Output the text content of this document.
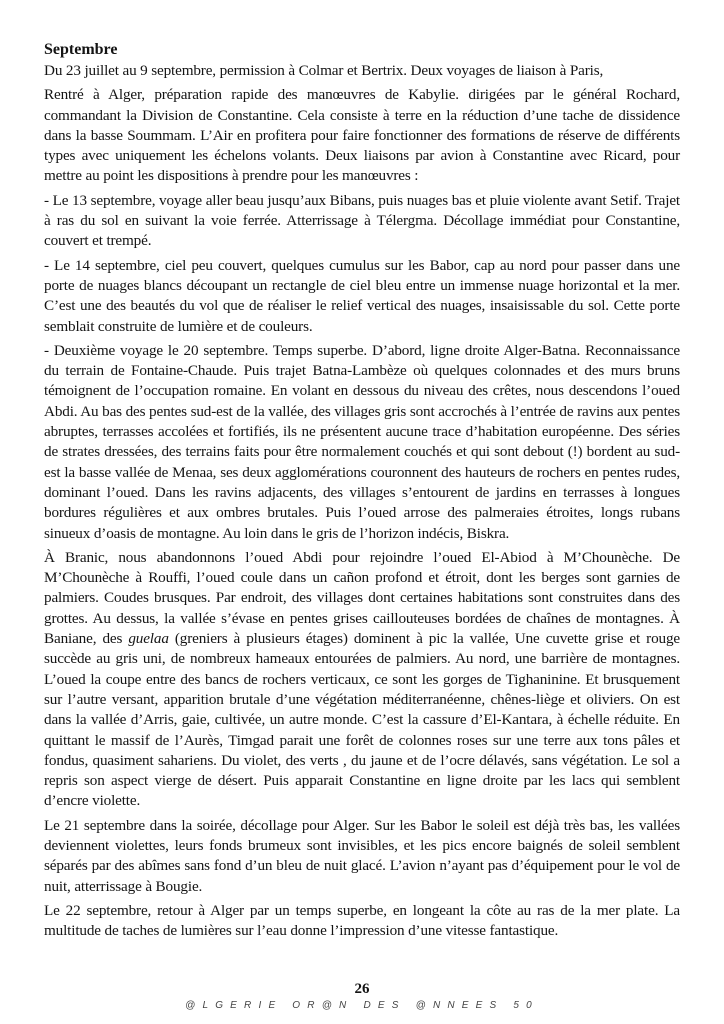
Septembre

Du 23 juillet au 9 septembre, permission à Colmar et Bertrix. Deux voyages de liaison à Paris,

Rentré à Alger, préparation rapide des manœuvres de Kabylie. dirigées par le général Rochard, commandant la Division de Constantine. Cela consiste à terre en la réduction d’une tache de dissidence dans la basse Soummam. L’Air en profitera pour faire fonctionner des formations de réserve de différents types avec uniquement les échelons volants. Deux liaisons par avion à Constantine avec Ricard, pour mettre au point les dispositions à prendre pour les manœuvres :

- Le 13 septembre, voyage aller beau jusqu’aux Bibans, puis nuages bas et pluie violente avant Setif. Trajet à ras du sol en suivant la voie ferrée. Atterrissage à Télergma. Décollage immédiat pour Constantine, couvert et trempé.

- Le 14 septembre, ciel peu couvert, quelques cumulus sur les Babor, cap au nord pour passer dans une porte de nuages blancs découpant un rectangle de ciel bleu entre un immense nuage horizontal et la mer. C’est une des beautés du vol que de réaliser le relief vertical des nuages, insaisissable du sol. Cette porte semblait construite de lumière et de couleurs.

- Deuxième voyage le 20 septembre. Temps superbe. D’abord, ligne droite Alger-Batna. Reconnaissance du terrain de Fontaine-Chaude. Puis trajet Batna-Lambèze où quelques colonnades et des murs bruns témoignent de l’occupation romaine. En volant en dessous du niveau des crêtes, nous descendons l’oued Abdi. Au bas des pentes sud-est de la vallée, des villages gris sont accrochés à l’entrée de ravins aux pentes abruptes, terrasses accolées et fortifiés, ils ne présentent aucune trace d’habitation européenne. Des séries de strates dressées, des terrains faits pour être normalement couchés et qui sont debout (!) bordent au sud-est la basse vallée de Menaa, ses deux agglomérations couronnent des hauteurs de rochers en pentes rudes, dominant l’oued. Dans les ravins adjacents, des villages s’entourent de jardins en terrasses à longues bordures régulières et aux ombres brutales. Puis l’oued arrose des palmeraies étroites, longs rubans sinueux d’oasis de montagne. Au loin dans le gris de l’horizon indécis, Biskra.

À Branic, nous abandonnons l’oued Abdi pour rejoindre l’oued El-Abiod à M’Chounèche. De M’Chounèche à Rouffi, l’oued coule dans un cañon profond et étroit, dont les berges sont garnies de palmiers. Coudes brusques. Par endroit, des villages dont certaines habitations sont construites dans des grottes. Au dessus, la vallée s’évase en pentes grises caillouteuses bordées de chaînes de montagnes. À Baniane, des guelaa (greniers à plusieurs étages) dominent à pic la vallée, Une cuvette grise et rouge succède au gris uni, de nombreux hameaux entourées de palmiers. Au nord, une barrière de montagnes. L’oued la coupe entre des bancs de rochers verticaux, ce sont les gorges de Tighaninine. Et brusquement sur l’autre versant, apparition brutale d’une végétation méditerranéenne, chênes-liège et oliviers. On est dans la vallée d’Arris, gaie, cultivée, un autre monde. C’est la cassure d’El-Kantara, à échelle réduite. En quittant le massif de l’Aurès, Timgad parait une forêt de colonnes roses sur une terre aux tons pâles et fondus, quasiment sahariens. Du violet, des verts , du jaune et de l’ocre délavés, sans végétation. Le sol a repris son aspect vierge de désert. Puis apparait Constantine en ligne droite par les lacs qui semblent d’encre violette.

Le 21 septembre dans la soirée, décollage pour Alger. Sur les Babor le soleil est déjà très bas, les vallées deviennent violettes, leurs fonds brumeux sont invisibles, et les pics encore baignés de soleil semblent séparés par des abîmes sans fond d’un bleu de nuit glacé. L’avion n’ayant pas d’équipement pour le vol de nuit, atterrissage à Bougie.

Le 22 septembre, retour à Alger par un temps superbe, en longeant la côte au ras de la mer plate. La multitude de taches de lumières sur l’eau donne l’impression d’une vitesse fantastique.

26
@LGERIE OR@N DES @NNEES 50
